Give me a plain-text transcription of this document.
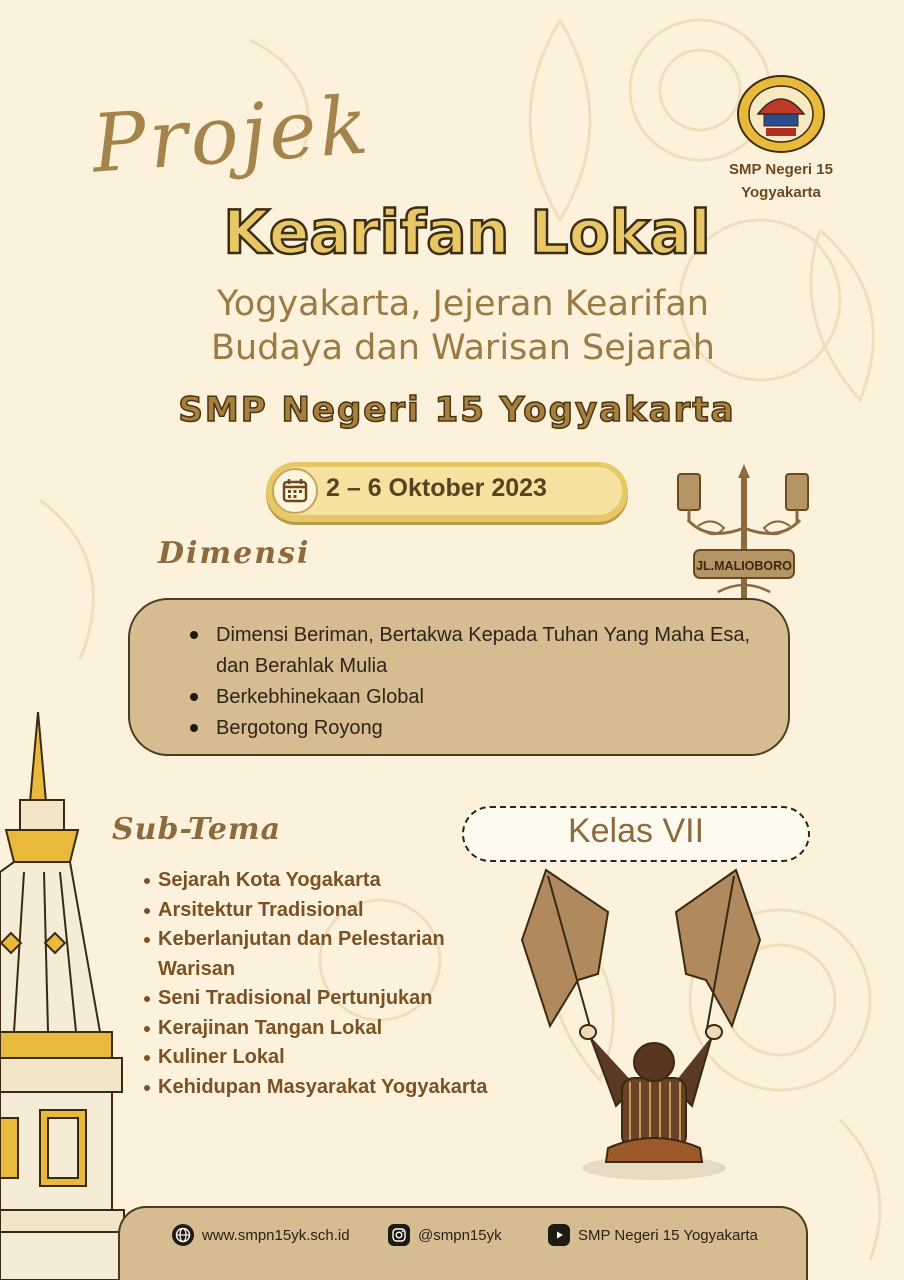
Projek
Kearifan Lokal
Yogyakarta, Jejeran Kearifan
Budaya dan Warisan Sejarah
SMP Negeri 15 Yogyakarta
SMP Negeri 15
Yogyakarta
2 – 6 Oktober 2023
JL.MALIOBORO
Dimensi
Dimensi Beriman, Bertakwa Kepada Tuhan Yang Maha Esa, dan Berahlak Mulia
Berkebhinekaan Global
Bergotong Royong
Sub-Tema
Sejarah Kota Yogakarta
Arsitektur Tradisional
Keberlanjutan dan Pelestarian Warisan
Seni Tradisional Pertunjukan
Kerajinan Tangan Lokal
Kuliner Lokal
Kehidupan Masyarakat Yogyakarta
Kelas VII
www.smpn15yk.sch.id	@smpn15yk	SMP Negeri 15 Yogyakarta
